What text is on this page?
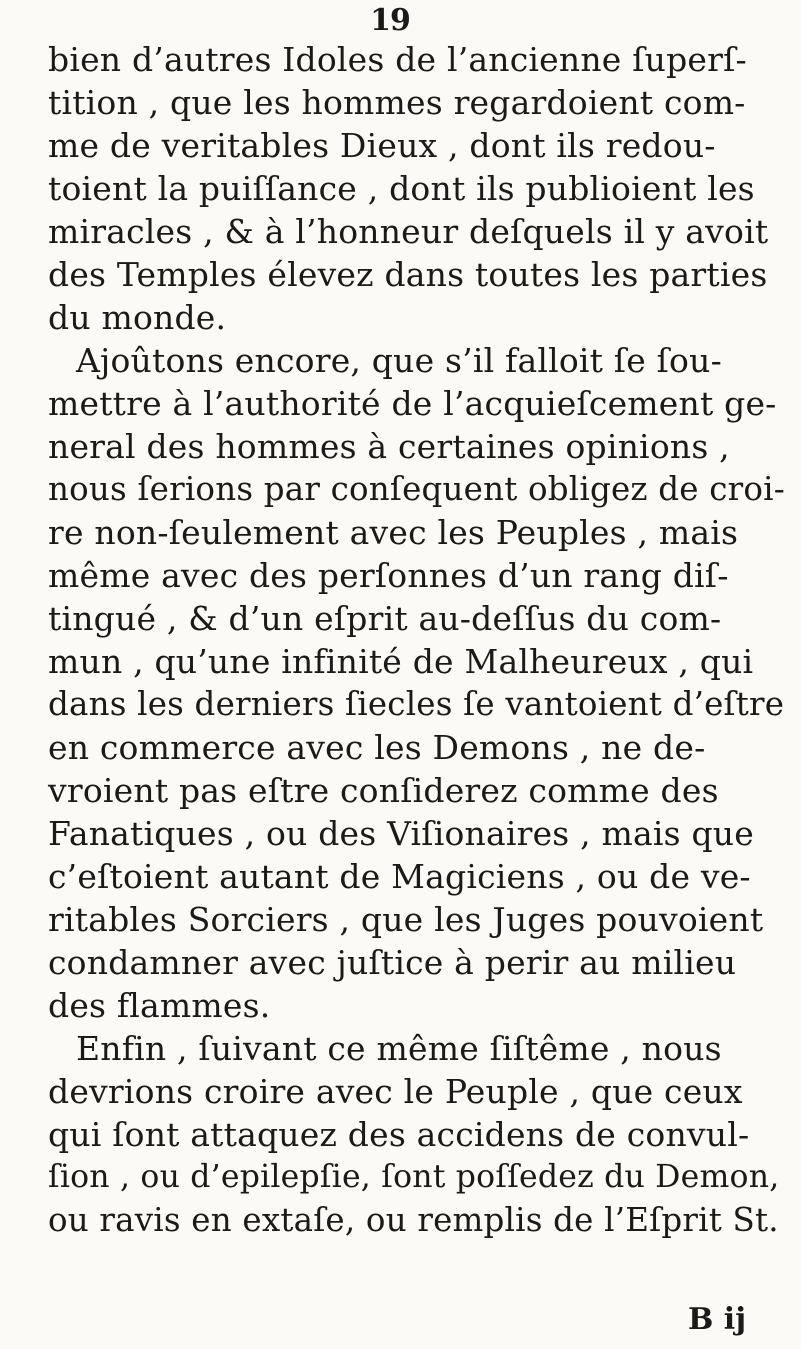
19
bien d’autres Idoles de l’ancienne ſuperſ-
tition , que les hommes regardoient com-
me de veritables Dieux , dont ils redou-
toient la puiſſance , dont ils publioient les
miracles , & à l’honneur deſquels il y avoit
des Temples élevez dans toutes les parties
du monde.
Ajoûtons encore, que s’il falloit ſe ſou-
mettre à l’authorité de l’acquieſcement ge-
neral des hommes à certaines opinions ,
nous ſerions par conſequent obligez de croi-
re non-ſeulement avec les Peuples , mais
même avec des perſonnes d’un rang diſ-
tingué , & d’un eſprit au-deſſus du com-
mun , qu’une infinité de Malheureux , qui
dans les derniers ſiecles ſe vantoient d’eſtre
en commerce avec les Demons , ne de-
vroient pas eſtre conſiderez comme des
Fanatiques , ou des Viſionaires , mais que
c’eſtoient autant de Magiciens , ou de ve-
ritables Sorciers , que les Juges pouvoient
condamner avec juſtice à perir au milieu
des flammes.
Enfin , ſuivant ce même ſiſtême , nous
devrions croire avec le Peuple , que ceux
qui ſont attaquez des accidens de convul-
ſion , ou d’epilepſie, ſont poſſedez du Demon,
ou ravis en extaſe, ou remplis de l’Eſprit St.
B ij
